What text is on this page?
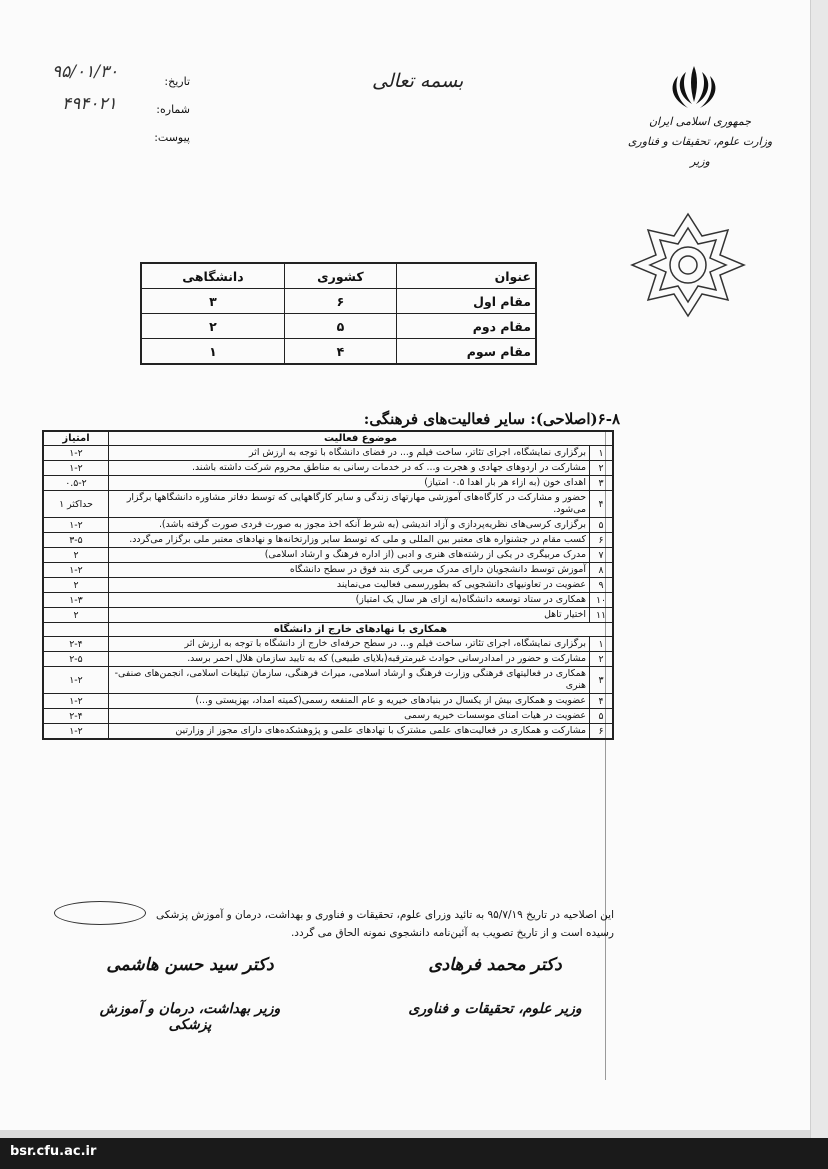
بسمه تعالی
تاریخ:
شماره:
پیوست:
۹۵/۰۱/۳۰
۴۹۴۰۲۱
جمهوری اسلامی ایران
وزارت علوم، تحقیقات و فناوری
وزیر
عنوان	کشوری	دانشگاهی
مقام اول	۶	۳
مقام دوم	۵	۲
مقام سوم	۴	۱
۶-۸(اصلاحی): سایر فعالیت‌های فرهنگی:
موضوع فعالیت		امتیاز
۱	برگزاری نمایشگاه، اجرای تئاتر، ساخت فیلم و... در فضای دانشگاه با توجه به ارزش اثر	۱-۲
۲	مشارکت در اردوهای جهادی و هجرت و... که در خدمات رسانی به مناطق محروم شرکت داشته باشند.	۱-۲
۳	اهدای خون (به ازاء هر بار اهدا ۰.۵ امتیاز)	۰.۵-۲
۴	حضور و مشارکت در کارگاه‌های آموزشی مهارتهای زندگی و سایر کارگاههایی که توسط دفاتر مشاوره دانشگاهها برگزار می‌شود.	حداکثر ۱
۵	برگزاری کرسی‌های نظریه‌پردازی و آزاد اندیشی (به شرط آنکه اخذ مجوز به صورت فردی صورت گرفته باشد).	۱-۲
۶	کسب مقام در جشنواره های معتبر بین المللی و ملی که توسط سایر وزارتخانه‌ها و نهادهای معتبر ملی برگزار می‌گردد.	۳-۵
۷	مدرک مربیگری در یکی از رشته‌های هنری و ادبی (از اداره فرهنگ و ارشاد اسلامی)	۲
۸	آموزش توسط دانشجویان دارای مدرک مربی گری بند فوق در سطح دانشگاه	۱-۲
۹	عضویت در تعاونیهای دانشجویی که بطوررسمی فعالیت می‌نمایند	۲
۱۰	همکاری در ستاد توسعه دانشگاه(به ازای هر سال یک امتیاز)	۱-۳
۱۱	اختیار تاهل	۲
همکاری با نهادهای خارج از دانشگاه		
۱	برگزاری نمایشگاه، اجرای تئاتر، ساخت فیلم و... در سطح حرفه‌ای خارج از دانشگاه با توجه به ارزش اثر	۲-۴
۲	مشارکت و حضور در امدادرسانی حوادث غیرمترقبه(بلایای طبیعی) که به تایید سازمان هلال احمر برسد.	۲-۵
۳	همکاری در فعالیتهای فرهنگی وزارت فرهنگ و ارشاد اسلامی، میراث فرهنگی، سازمان تبلیغات اسلامی، انجمن‌های صنفی- هنری	۱-۲
۴	عضویت و همکاری بیش از یکسال در بنیادهای خیریه و عام المنفعه رسمی(کمیته امداد، بهزیستی و...)	۱-۲
۵	عضویت در هیات امنای موسسات خیریه رسمی	۲-۴
۶	مشارکت و همکاری در فعالیت‌های علمی مشترک با نهادهای علمی و پژوهشکده‌های دارای مجوز از وزارتین	۱-۲
این اصلاحیه در تاریخ ۹۵/۷/۱۹ به تائید وزرای علوم، تحقیقات و فناوری و بهداشت، درمان و آموزش پزشکی
رسیده است و از تاریخ تصویب به آئین‌نامه دانشجوی نمونه الحاق می گردد.
دکتر محمد فرهادی
وزیر علوم، تحقیقات و فناوری
دکتر سید حسن هاشمی
وزیر بهداشت، درمان و آموزش پزشکی
bsr.cfu.ac.ir
